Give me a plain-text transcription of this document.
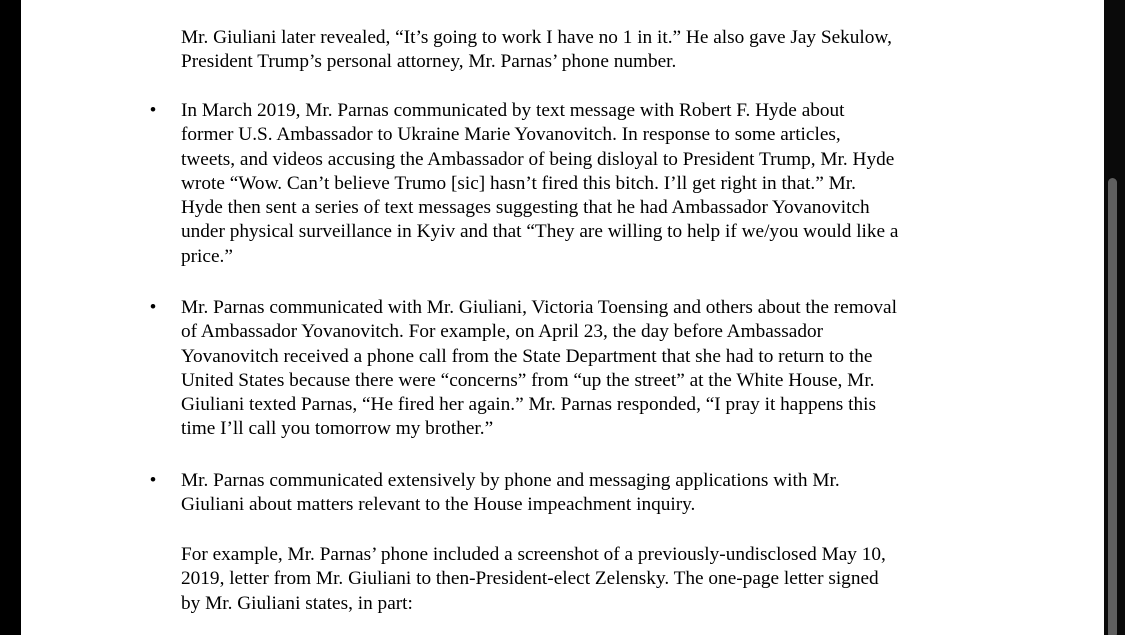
Mr. Giuliani later revealed, “It’s going to work I have no 1 in it.” He also gave Jay Sekulow,
President Trump’s personal attorney, Mr. Parnas’ phone number.
• In March 2019, Mr. Parnas communicated by text message with Robert F. Hyde about
former U.S. Ambassador to Ukraine Marie Yovanovitch. In response to some articles,
tweets, and videos accusing the Ambassador of being disloyal to President Trump, Mr. Hyde
wrote “Wow. Can’t believe Trumo [sic] hasn’t fired this bitch. I’ll get right in that.” Mr.
Hyde then sent a series of text messages suggesting that he had Ambassador Yovanovitch
under physical surveillance in Kyiv and that “They are willing to help if we/you would like a
price.”
• Mr. Parnas communicated with Mr. Giuliani, Victoria Toensing and others about the removal
of Ambassador Yovanovitch. For example, on April 23, the day before Ambassador
Yovanovitch received a phone call from the State Department that she had to return to the
United States because there were “concerns” from “up the street” at the White House, Mr.
Giuliani texted Parnas, “He fired her again.” Mr. Parnas responded, “I pray it happens this
time I’ll call you tomorrow my brother.”
• Mr. Parnas communicated extensively by phone and messaging applications with Mr.
Giuliani about matters relevant to the House impeachment inquiry.
For example, Mr. Parnas’ phone included a screenshot of a previously-undisclosed May 10,
2019, letter from Mr. Giuliani to then-President-elect Zelensky. The one-page letter signed
by Mr. Giuliani states, in part:
